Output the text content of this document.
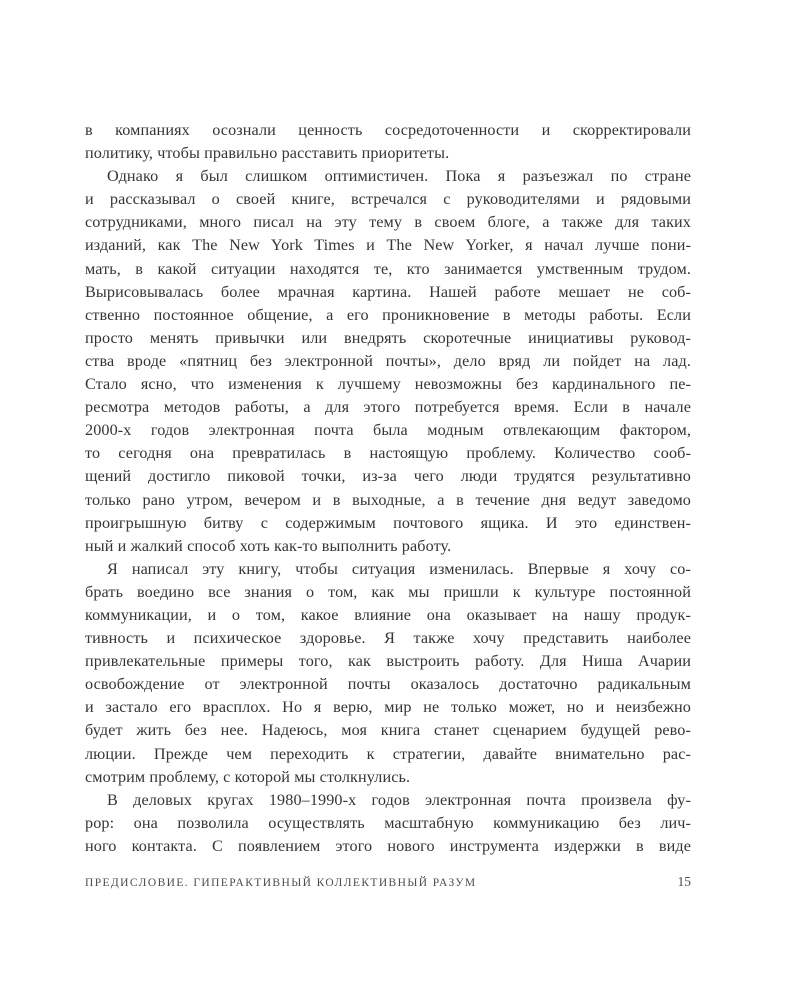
в компаниях осознали ценность сосредоточенности и скорректировали
политику, чтобы правильно расставить приоритеты.
Однако я был слишком оптимистичен. Пока я разъезжал по стране
и рассказывал о своей книге, встречался с руководителями и рядовыми
сотрудниками, много писал на эту тему в своем блоге, а также для таких
изданий, как The New York Times и The New Yorker, я начал лучше пони-
мать, в какой ситуации находятся те, кто занимается умственным трудом.
Вырисовывалась более мрачная картина. Нашей работе мешает не соб-
ственно постоянное общение, а его проникновение в методы работы. Если
просто менять привычки или внедрять скоротечные инициативы руковод-
ства вроде «пятниц без электронной почты», дело вряд ли пойдет на лад.
Стало ясно, что изменения к лучшему невозможны без кардинального пе-
ресмотра методов работы, а для этого потребуется время. Если в начале
2000-х годов электронная почта была модным отвлекающим фактором,
то сегодня она превратилась в настоящую проблему. Количество сооб-
щений достигло пиковой точки, из-за чего люди трудятся результативно
только рано утром, вечером и в выходные, а в течение дня ведут заведомо
проигрышную битву с содержимым почтового ящика. И это единствен-
ный и жалкий способ хоть как-то выполнить работу.
Я написал эту книгу, чтобы ситуация изменилась. Впервые я хочу со-
брать воедино все знания о том, как мы пришли к культуре постоянной
коммуникации, и о том, какое влияние она оказывает на нашу продук-
тивность и психическое здоровье. Я также хочу представить наиболее
привлекательные примеры того, как выстроить работу. Для Ниша Ачарии
освобождение от электронной почты оказалось достаточно радикальным
и застало его врасплох. Но я верю, мир не только может, но и неизбежно
будет жить без нее. Надеюсь, моя книга станет сценарием будущей рево-
люции. Прежде чем переходить к стратегии, давайте внимательно рас-
смотрим проблему, с которой мы столкнулись.
В деловых кругах 1980–1990-х годов электронная почта произвела фу-
рор: она позволила осуществлять масштабную коммуникацию без лич-
ного контакта. С появлением этого нового инструмента издержки в виде
ПРЕДИСЛОВИЕ. ГИПЕРАКТИВНЫЙ КОЛЛЕКТИВНЫЙ РАЗУМ	15
